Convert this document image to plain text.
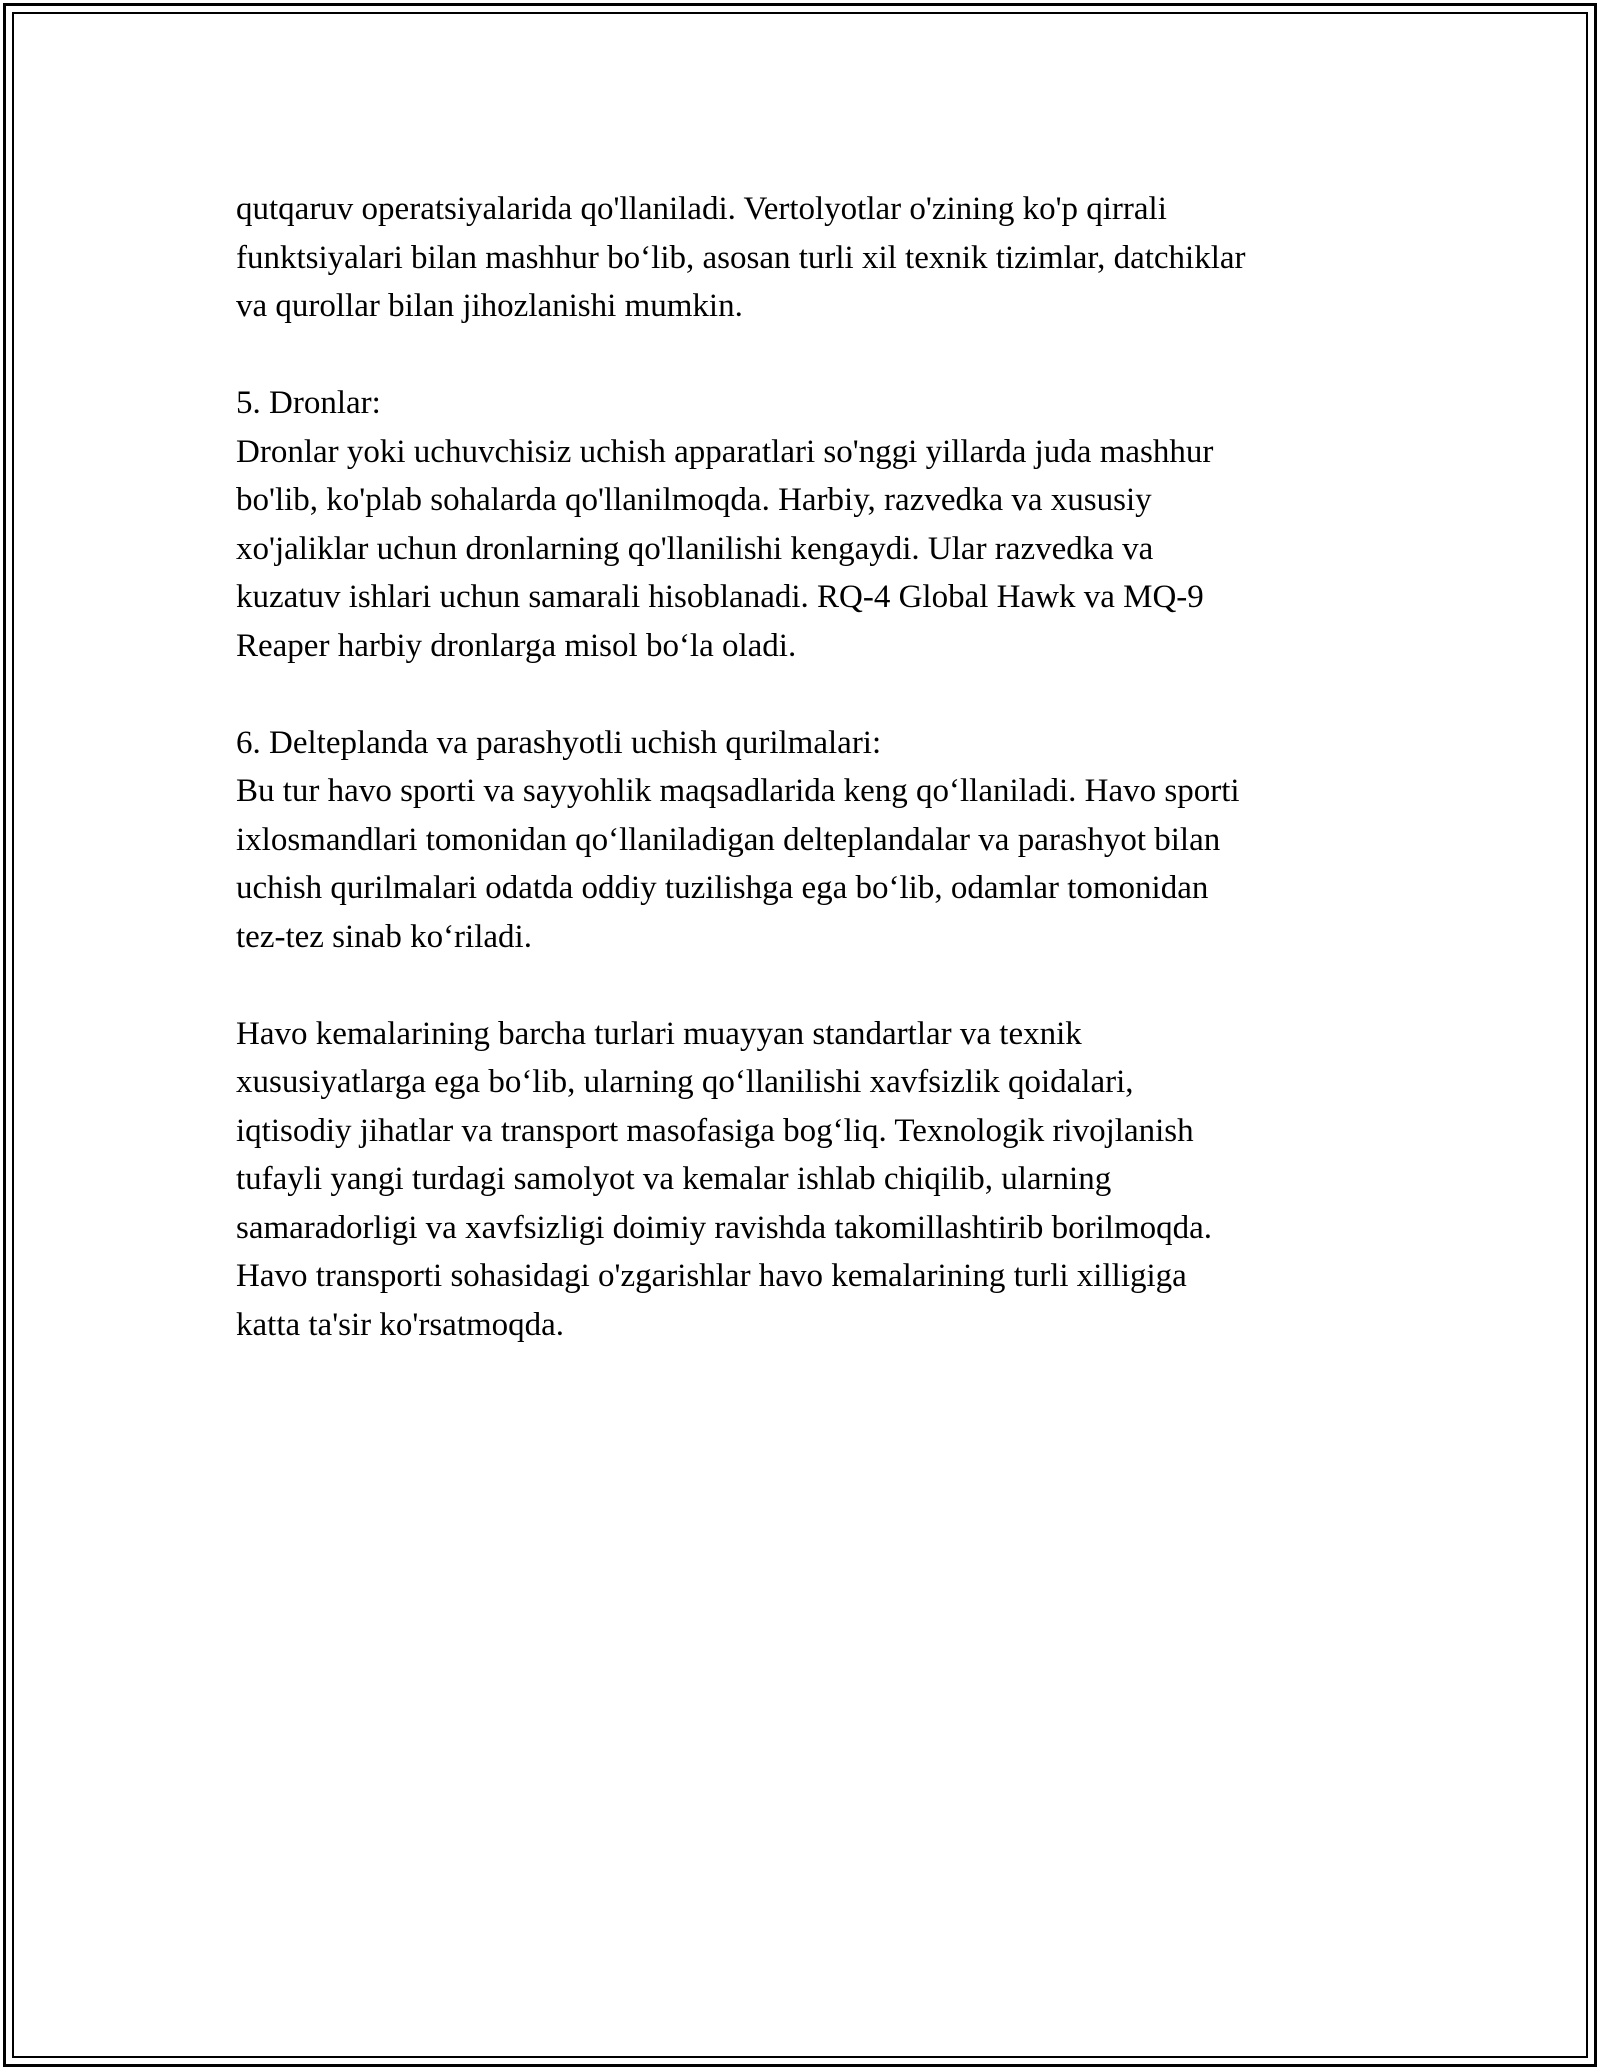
qutqaruv operatsiyalarida qo'llaniladi. Vertolyotlar o'zining ko'p qirrali
funktsiyalari bilan mashhur bo‘lib, asosan turli xil texnik tizimlar, datchiklar
va qurollar bilan jihozlanishi mumkin.
5. Dronlar:
Dronlar yoki uchuvchisiz uchish apparatlari so'nggi yillarda juda mashhur
bo'lib, ko'plab sohalarda qo'llanilmoqda. Harbiy, razvedka va xususiy
xo'jaliklar uchun dronlarning qo'llanilishi kengaydi. Ular razvedka va
kuzatuv ishlari uchun samarali hisoblanadi. RQ-4 Global Hawk va MQ-9
Reaper harbiy dronlarga misol bo‘la oladi.
6. Delteplanda va parashyotli uchish qurilmalari:
Bu tur havo sporti va sayyohlik maqsadlarida keng qo‘llaniladi. Havo sporti
ixlosmandlari tomonidan qo‘llaniladigan delteplandalar va parashyot bilan
uchish qurilmalari odatda oddiy tuzilishga ega bo‘lib, odamlar tomonidan
tez-tez sinab ko‘riladi.
Havo kemalarining barcha turlari muayyan standartlar va texnik
xususiyatlarga ega bo‘lib, ularning qo‘llanilishi xavfsizlik qoidalari,
iqtisodiy jihatlar va transport masofasiga bog‘liq. Texnologik rivojlanish
tufayli yangi turdagi samolyot va kemalar ishlab chiqilib, ularning
samaradorligi va xavfsizligi doimiy ravishda takomillashtirib borilmoqda.
Havo transporti sohasidagi o'zgarishlar havo kemalarining turli xilligiga
katta ta'sir ko'rsatmoqda.
